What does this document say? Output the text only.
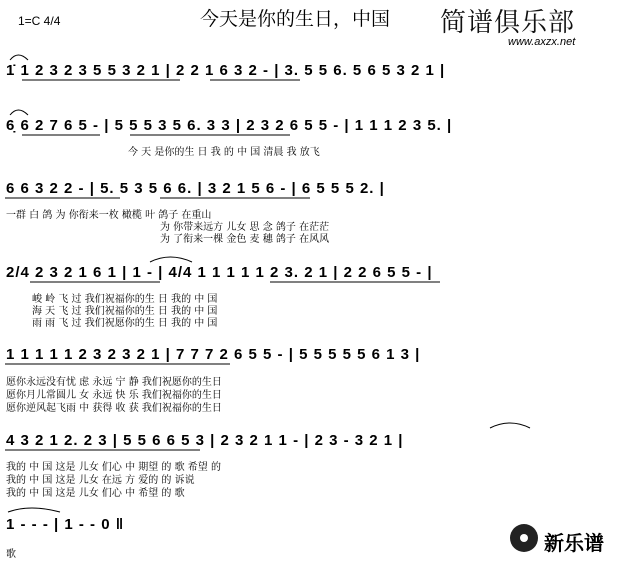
1=C 4/4	今天是你的生日，中国 简谱俱乐部
www.axzx.net
1̇ 1 2 3 2 3 5 5 3 2 1 | 2 2 1 6 3 2 - | 3. 5 5 6. 5 6 5 3 2 1 |
6̣ 6 2 7 6 5 - | 5 5 5 3 5 6. 3 3 | 2 3 2 6 5 5 - | 1 1 1 2 3 5. |
今 天 是你的生 日 我 的 中 国 清晨 我 放飞
6 6 3 2 2 - | 5. 5 3 5 6 6. | 3 2 1 5 6 - | 6 5 5 5 2. |
一群 白 鸽 为 你衔来一枚 橄榄 叶 鸽子 在重山
为 你带来远方 儿女 思 念 鸽子 在茫茫
为 了衔来一棵 金色 麦 穗 鸽子 在风风
2/4 2 3 2 1 6 1 | 1 - | 4/4 1 1 1 1 1 2 3. 2 1 | 2 2 6 5 5 - |
峻 岭 飞 过 我们祝福你的生 日 我的 中 国
海 天 飞 过 我们祝福你的生 日 我的 中 国
雨 雨 飞 过 我们祝愿你的生 日 我的 中 国
1 1 1 1 1 2 3 2 3 2 1 | 7 7 7 2 6 5 5 - | 5 5 5 5 5 6 1 3 |
愿你永远没有忧 虑 永远 宁 静 我们祝愿你的生日
愿你月儿常圆儿 女 永远 快 乐 我们祝福你的生日
愿你逆风起飞雨 中 获得 收 获 我们祝福你的生日
4 3 2 1 2. 2 3 | 5 5 6 6 5 3 | 2 3 2 1 1 - | 2 3 - 3 2 1 |
我的 中 国 这是 儿女 们心 中 期望 的 歌 希望 的
我的 中 国 这是 儿女 在远 方 爱的 的 诉说
我的 中 国 这是 儿女 们心 中 希望 的 歌
1 - - - | 1 - - 0 ‖
歌	新乐谱
